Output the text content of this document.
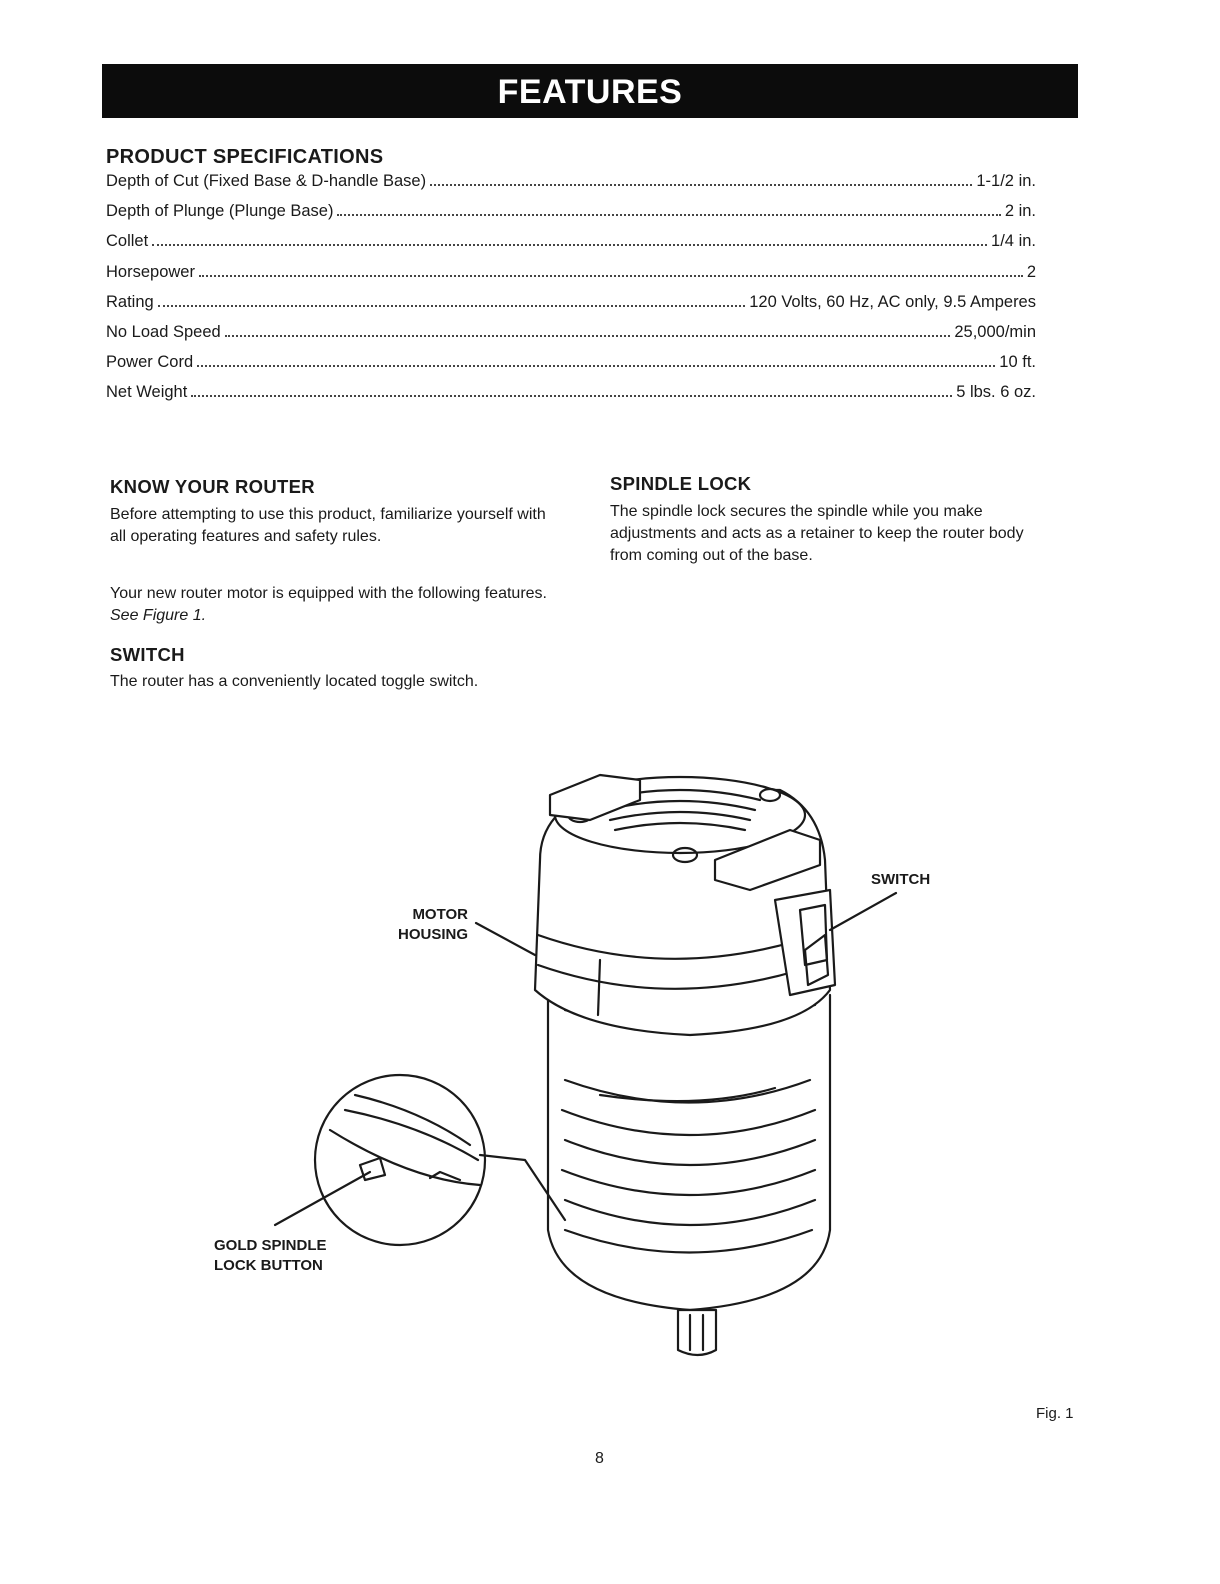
FEATURES
PRODUCT SPECIFICATIONS
Depth of Cut (Fixed Base & D-handle Base)	1-1/2 in.
Depth of Plunge (Plunge Base)	2 in.
Collet	1/4 in.
Horsepower	2
Rating	120 Volts, 60 Hz, AC only, 9.5 Amperes
No Load Speed	25,000/min
Power Cord	10 ft.
Net Weight	5 lbs. 6 oz.
KNOW YOUR ROUTER
Before attempting to use this product, familiarize yourself with all operating features and safety rules.
Your new router motor is equipped with the following features. See Figure 1.
SWITCH
The router has a conveniently located toggle switch.
SPINDLE LOCK
The spindle lock secures the spindle while you make adjustments and acts as a retainer to keep the router body from coming out of the base.
MOTOR
HOUSING
SWITCH
GOLD SPINDLE
LOCK BUTTON
Fig. 1
8
